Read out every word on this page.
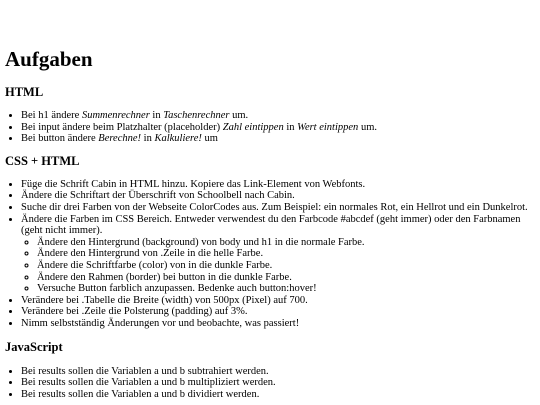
Aufgaben
HTML
• Bei h1 ändere Summenrechner in Taschenrechner um.
• Bei input ändere beim Platzhalter (placeholder) Zahl eintippen in Wert eintippen um.
• Bei button ändere Berechne! in Kalkuliere! um
CSS + HTML
• Füge die Schrift Cabin in HTML hinzu. Kopiere das Link-Element von Webfonts.
• Ändere die Schriftart der Überschrift von Schoolbell nach Cabin.
• Suche dir drei Farben von der Webseite ColorCodes aus. Zum Beispiel: ein normales Rot, ein Hellrot und ein Dunkelrot.
• Ändere die Farben im CSS Bereich. Entweder verwendest du den Farbcode #abcdef (geht immer) oder den Farbnamen (geht nicht immer).
◦ Ändere den Hintergrund (background) von body und h1 in die normale Farbe.
◦ Ändere den Hintergrund von .Zeile in die helle Farbe.
◦ Ändere die Schriftfarbe (color) von in die dunkle Farbe.
◦ Ändere den Rahmen (border) bei button in die dunkle Farbe.
◦ Versuche Button farblich anzupassen. Bedenke auch button:hover!
• Verändere bei .Tabelle die Breite (width) von 500px (Pixel) auf 700.
• Verändere bei .Zeile die Polsterung (padding) auf 3%.
• Nimm selbstständig Änderungen vor und beobachte, was passiert!
JavaScript
• Bei results sollen die Variablen a und b subtrahiert werden.
• Bei results sollen die Variablen a und b multipliziert werden.
• Bei results sollen die Variablen a und b dividiert werden.
